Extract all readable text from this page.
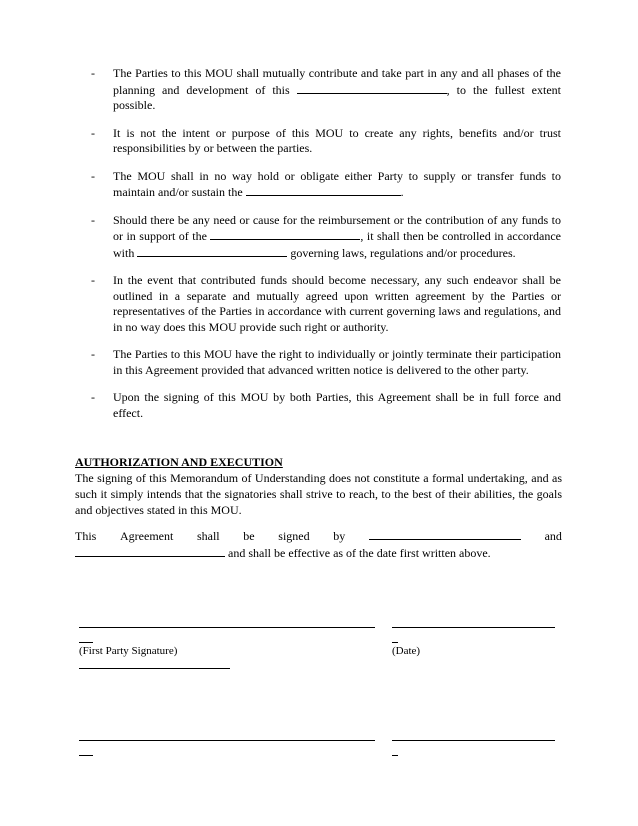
-	The Parties to this MOU shall mutually contribute and take part in any and all phases of the planning and development of this	, to the fullest extent possible.
-	It is not the intent or purpose of this MOU to create any rights, benefits and/or trust responsibilities by or between the parties.
-	The MOU shall in no way hold or obligate either Party to supply or transfer funds to maintain and/or sustain the	.
-	Should there be any need or cause for the reimbursement or the contribution of any funds to or in support of the	, it shall then be controlled in accordance with	governing laws, regulations and/or procedures.
-	In the event that contributed funds should become necessary, any such endeavor shall be outlined in a separate and mutually agreed upon written agreement by the Parties or representatives of the Parties in accordance with current governing laws and regulations, and in no way does this MOU provide such right or authority.
-	The Parties to this MOU have the right to individually or jointly terminate their participation in this Agreement provided that advanced written notice is delivered to the other party.
-	Upon the signing of this MOU by both Parties, this Agreement shall be in full force and effect.
AUTHORIZATION AND EXECUTION
The signing of this Memorandum of Understanding does not constitute a formal undertaking, and as such it simply intends that the signatories shall strive to reach, to the best of their abilities, the goals and objectives stated in this MOU.
This Agreement shall be signed by	and
and shall be effective as of the date first written above.
(First Party Signature)	(Date)
